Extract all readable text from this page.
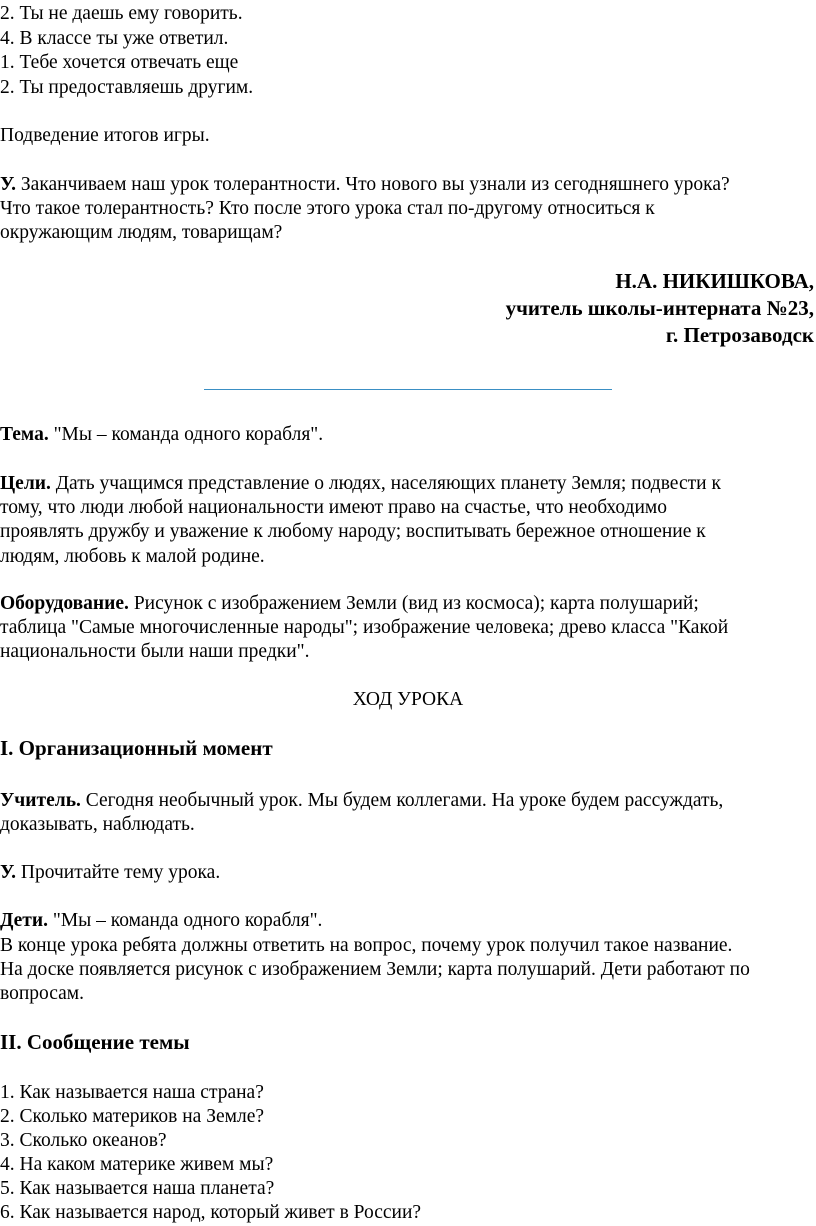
2. Ты не даешь ему говорить.
4. В классе ты уже ответил.
1. Тебе хочется отвечать еще
2. Ты предоставляешь другим.
Подведение итогов игры.
У. Заканчиваем наш урок толерантности. Что нового вы узнали из сегодняшнего урока?
Что такое толерантность? Кто после этого урока стал по-другому относиться к
окружающим людям, товарищам?
Н.А. НИКИШКОВА,
учитель школы-интерната №23,
г. Петрозаводск
Тема. "Мы – команда одного корабля".
Цели. Дать учащимся представление о людях, населяющих планету Земля; подвести к
тому, что люди любой национальности имеют право на счастье, что необходимо
проявлять дружбу и уважение к любому народу; воспитывать бережное отношение к
людям, любовь к малой родине.
Оборудование. Рисунок с изображением Земли (вид из космоса); карта полушарий;
таблица "Самые многочисленные народы"; изображение человека; древо класса "Какой
национальности были наши предки".
ХОД УРОКА
I. Организационный момент
Учитель. Сегодня необычный урок. Мы будем коллегами. На уроке будем рассуждать,
доказывать, наблюдать.
У. Прочитайте тему урока.
Дети. "Мы – команда одного корабля".
В конце урока ребята должны ответить на вопрос, почему урок получил такое название.
На доске появляется рисунок с изображением Земли; карта полушарий. Дети работают по
вопросам.
II. Сообщение темы
1. Как называется наша страна?
2. Сколько материков на Земле?
3. Сколько океанов?
4. На каком материке живем мы?
5. Как называется наша планета?
6. Как называется народ, который живет в России?
